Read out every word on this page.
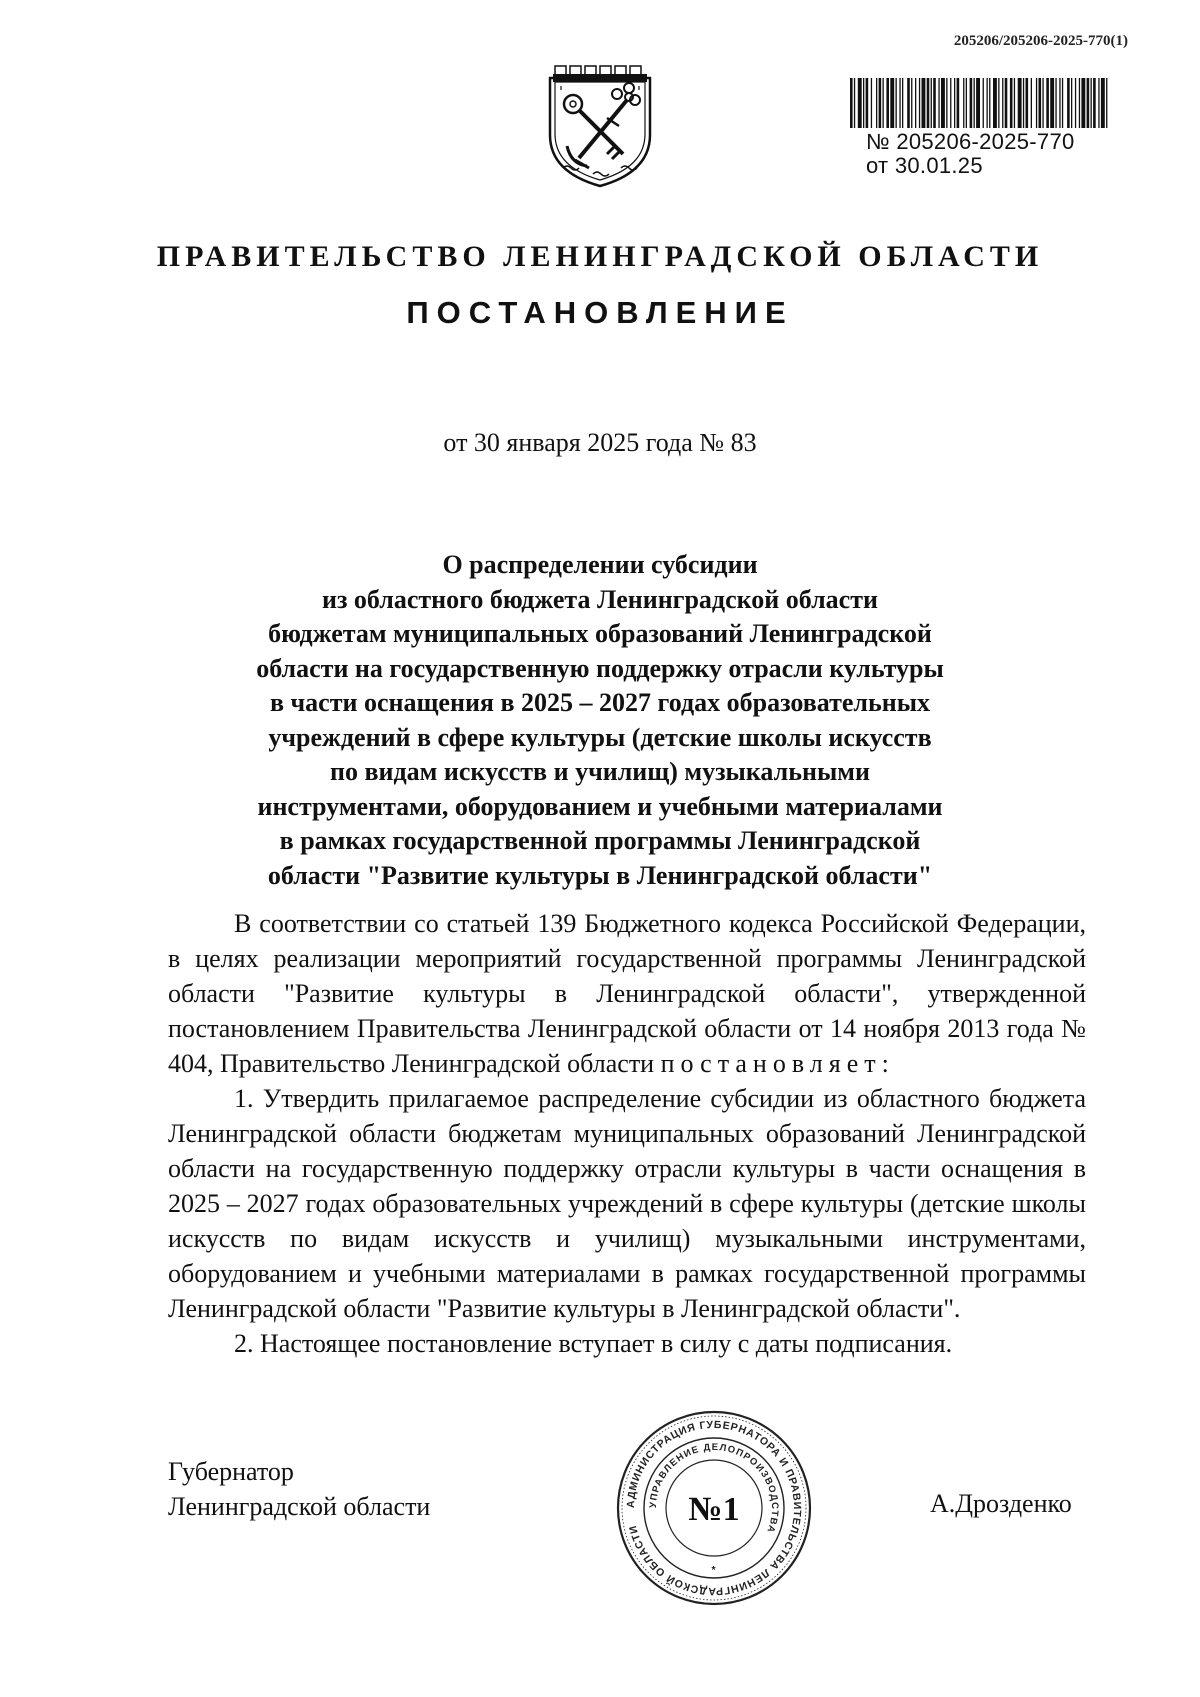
205206/205206-2025-770(1)
№ 205206-2025-770
от 30.01.25
ПРАВИТЕЛЬСТВО ЛЕНИНГРАДСКОЙ ОБЛАСТИ
ПОСТАНОВЛЕНИЕ
от 30 января 2025 года № 83
О распределении субсидии
из областного бюджета Ленинградской области
бюджетам муниципальных образований Ленинградской
области на государственную поддержку отрасли культуры
в части оснащения в 2025 – 2027 годах образовательных
учреждений в сфере культуры (детские школы искусств
по видам искусств и училищ) музыкальными
инструментами, оборудованием и учебными материалами
в рамках государственной программы Ленинградской
области "Развитие культуры в Ленинградской области"

В соответствии со статьей 139 Бюджетного кодекса Российской Федерации, в целях реализации мероприятий государственной программы Ленинградской области "Развитие культуры в Ленинградской области", утвержденной постановлением Правительства Ленинградской области от 14 ноября 2013 года № 404, Правительство Ленинградской области постановляет:

1. Утвердить прилагаемое распределение субсидии из областного бюджета Ленинградской области бюджетам муниципальных образований Ленинградской области на государственную поддержку отрасли культуры в части оснащения в 2025 – 2027 годах образовательных учреждений в сфере культуры (детские школы искусств по видам искусств и училищ) музыкальными инструментами, оборудованием и учебными материалами в рамках государственной программы Ленинградской области "Развитие культуры в Ленинградской области".

2. Настоящее постановление вступает в силу с даты подписания.

Губернатор
Ленинградской области	А.Дрозденко
АДМИНИСТРАЦИЯ ГУБЕРНАТОРА И ПРАВИТЕЛЬСТВА ЛЕНИНГРАДСКОЙ ОБЛАСТИ
УПРАВЛЕНИЕ ДЕЛОПРОИЗВОДСТВА
№1
*
